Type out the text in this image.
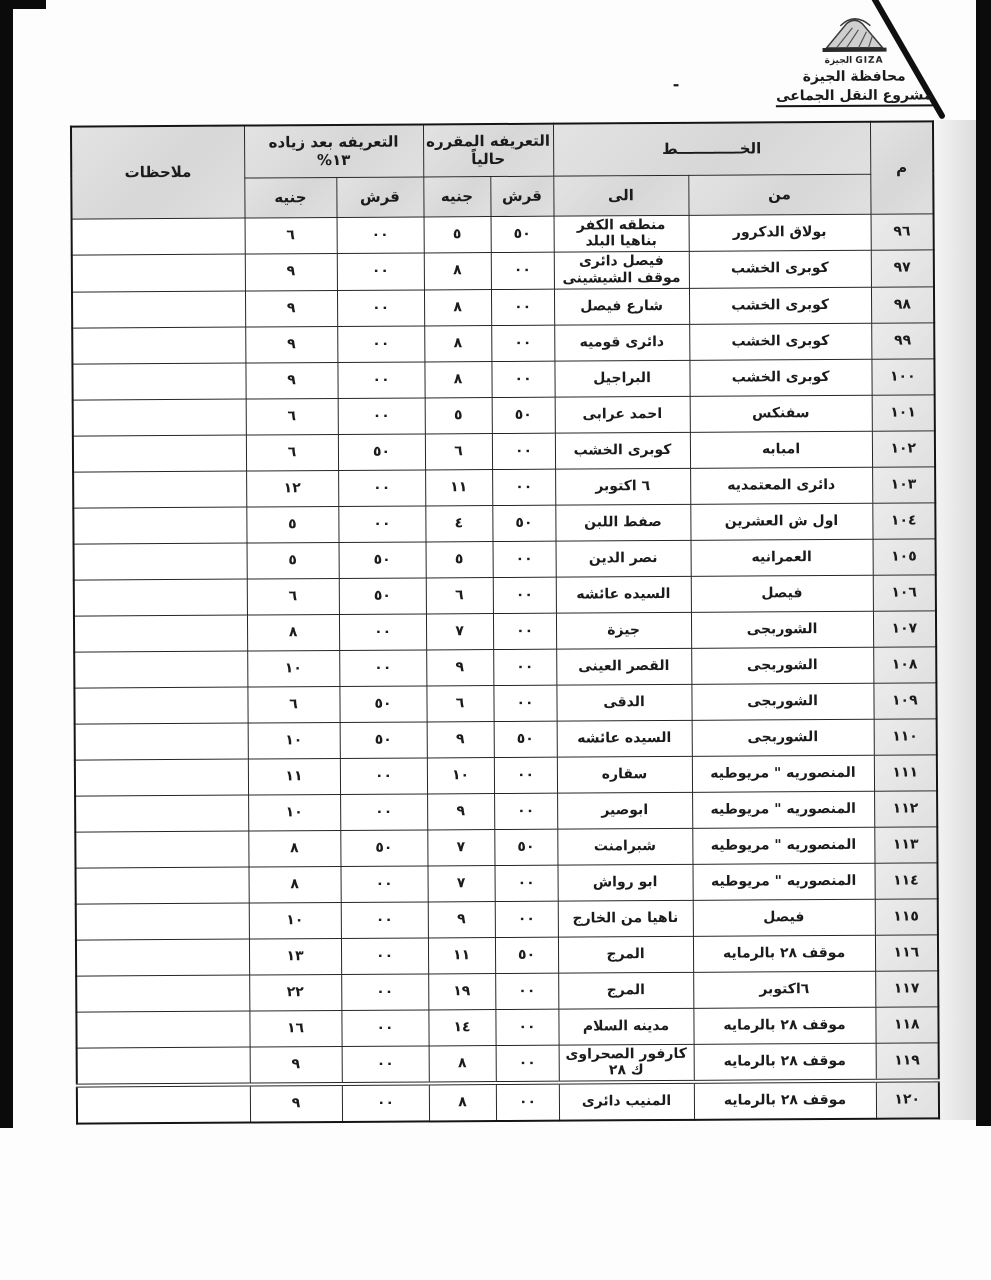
الجيزة GIZA
محافظة الجيزة
مشروع النقل الجماعى
-
م	الخــــــــــــط	
التعريفه المقرره
حالياً

التعريفه بعد زياده
١٣%
	ملاحظات
	من	الى	قرش	جنيه	قرش	جنيه	
٩٦	بولاق الدكرور	منطقه الكفر بناهيا البلد	٥٠	٥	٠٠	٦	
٩٧	كوبرى الخشب	فيصل دائرى موقف الشيشينى	٠٠	٨	٠٠	٩	
٩٨	كوبرى الخشب	شارع فيصل	٠٠	٨	٠٠	٩	
٩٩	كوبرى الخشب	دائرى قوميه	٠٠	٨	٠٠	٩	
١٠٠	كوبرى الخشب	البراجيل	٠٠	٨	٠٠	٩	
١٠١	سفنكس	احمد عرابى	٥٠	٥	٠٠	٦	
١٠٢	امبابه	كوبرى الخشب	٠٠	٦	٥٠	٦	
١٠٣	دائرى المعتمديه	٦ اكتوبر	٠٠	١١	٠٠	١٢	
١٠٤	اول ش العشرين	صفط اللبن	٥٠	٤	٠٠	٥	
١٠٥	العمرانيه	نصر الدين	٠٠	٥	٥٠	٥	
١٠٦	فيصل	السيده عائشه	٠٠	٦	٥٠	٦	
١٠٧	الشوربجى	جيزة	٠٠	٧	٠٠	٨	
١٠٨	الشوربجى	القصر العينى	٠٠	٩	٠٠	١٠	
١٠٩	الشوربجى	الدقى	٠٠	٦	٥٠	٦	
١١٠	الشوربجى	السيده عائشه	٥٠	٩	٥٠	١٠	
١١١	المنصوريه " مريوطيه	سقاره	٠٠	١٠	٠٠	١١	
١١٢	المنصوريه " مريوطيه	ابوصير	٠٠	٩	٠٠	١٠	
١١٣	المنصوريه " مريوطيه	شبرامنت	٥٠	٧	٥٠	٨	
١١٤	المنصوريه " مريوطيه	ابو رواش	٠٠	٧	٠٠	٨	
١١٥	فيصل	ناهيا من الخارج	٠٠	٩	٠٠	١٠	
١١٦	موقف ٢٨ بالرمايه	المرج	٥٠	١١	٠٠	١٣	
١١٧	٦اكتوبر	المرج	٠٠	١٩	٠٠	٢٢	
١١٨	موقف ٢٨ بالرمايه	مدينه السلام	٠٠	١٤	٠٠	١٦	
١١٩	موقف ٢٨ بالرمايه	كارفور الصحراوى ك ٢٨	٠٠	٨	٠٠	٩	
١٢٠	موقف ٢٨ بالرمايه	المنيب دائرى	٠٠	٨	٠٠	٩	
